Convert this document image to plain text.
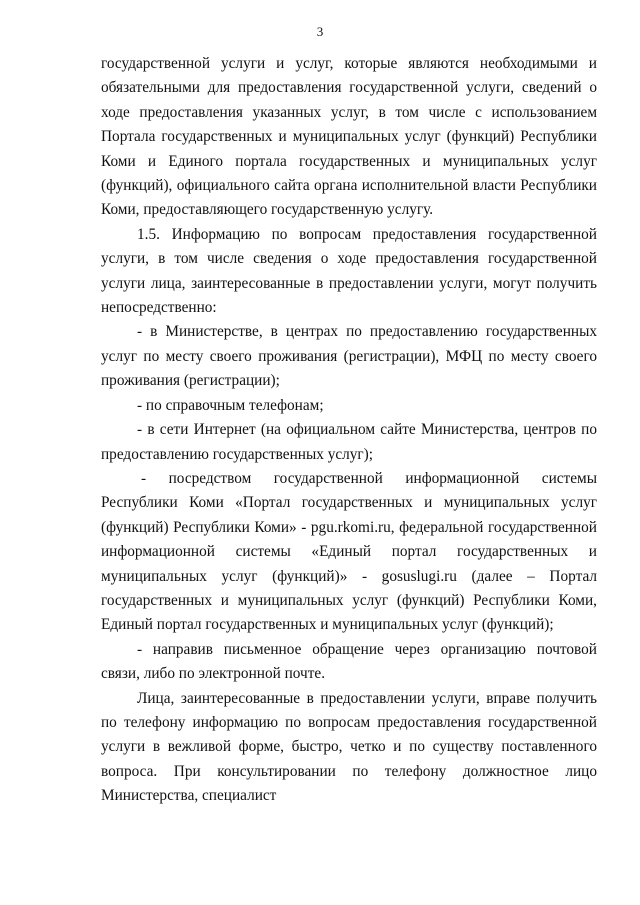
3

государственной услуги и услуг, которые являются необходимыми и обязательными для предоставления государственной услуги, сведений о ходе предоставления указанных услуг, в том числе с использованием Портала государственных и муниципальных услуг (функций) Республики Коми и Единого портала государственных и муниципальных услуг (функций), официального сайта органа исполнительной власти Республики Коми, предоставляющего государственную услугу.

1.5. Информацию по вопросам предоставления государственной услуги, в том числе сведения о ходе предоставления государственной услуги лица, заинтересованные в предоставлении услуги, могут получить непосредственно:

- в Министерстве, в центрах по предоставлению государственных услуг по месту своего проживания (регистрации), МФЦ по месту своего проживания (регистрации);

- по справочным телефонам;

- в сети Интернет (на официальном сайте Министерства, центров по предоставлению государственных услуг);

- посредством государственной информационной системы Республики Коми «Портал государственных и муниципальных услуг (функций) Республики Коми» - pgu.rkomi.ru, федеральной государственной информационной системы «Единый портал государственных и муниципальных услуг (функций)» - gosuslugi.ru (далее – Портал государственных и муниципальных услуг (функций) Республики Коми, Единый портал государственных и муниципальных услуг (функций);

- направив письменное обращение через организацию почтовой связи, либо по электронной почте.

Лица, заинтересованные в предоставлении услуги, вправе получить по телефону информацию по вопросам предоставления государственной услуги в вежливой форме, быстро, четко и по существу поставленного вопроса. При консультировании по телефону должностное лицо Министерства, специалист
